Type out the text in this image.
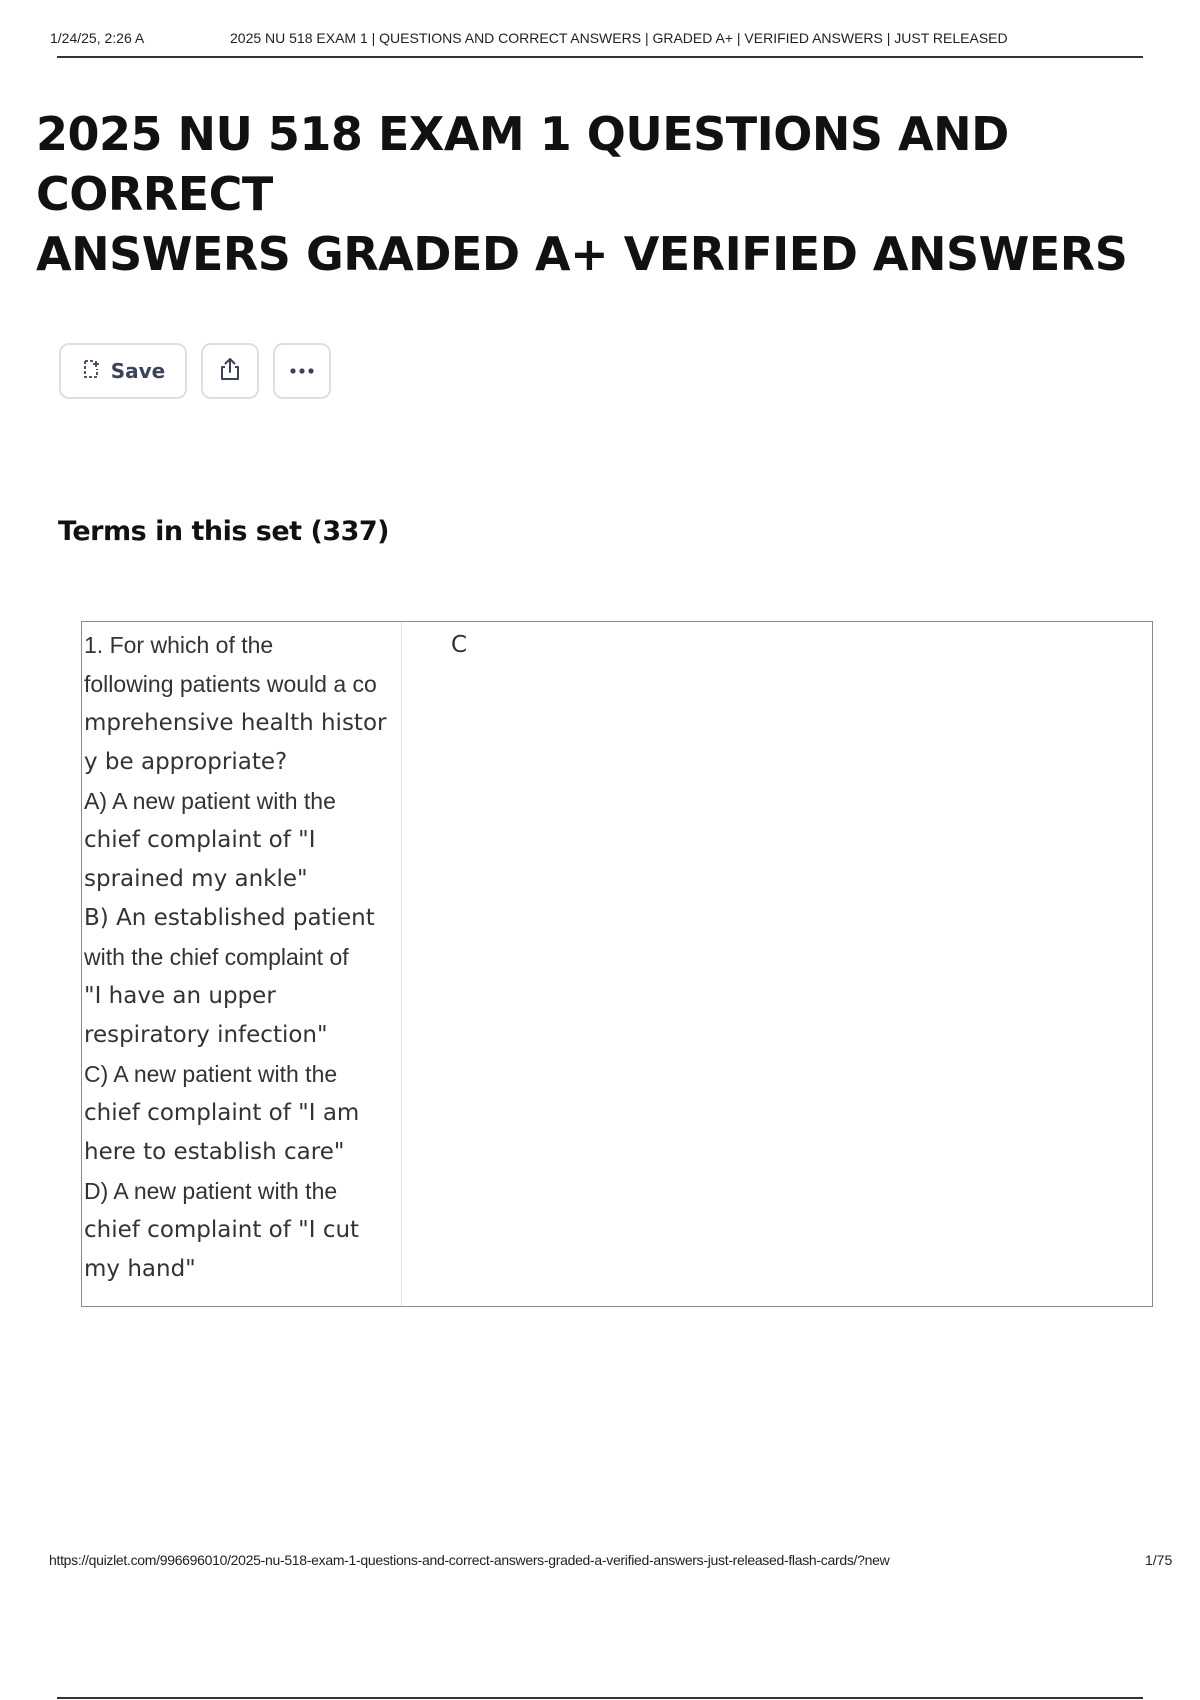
1/24/25, 2:26 A	2025 NU 518 EXAM 1 | QUESTIONS AND CORRECT ANSWERS | GRADED A+ | VERIFIED ANSWERS | JUST RELEASED
2025 NU 518 EXAM 1 QUESTIONS AND CORRECT
ANSWERS GRADED A+ VERIFIED ANSWERS
Save
Terms in this set (337)
1. For which of the
following patients would a co
mprehensive health histor
y be appropriate?
A) A new patient with the
chief complaint of "I
sprained my ankle"
B) An established patient
with the chief complaint of
"I have an upper
respiratory infection"
C) A new patient with the
chief complaint of "I am
here to establish care"
D) A new patient with the
chief complaint of "I cut
my hand"
C
https://quizlet.com/996696010/2025-nu-518-exam-1-questions-and-correct-answers-graded-a-verified-answers-just-released-flash-cards/?new	1/75
